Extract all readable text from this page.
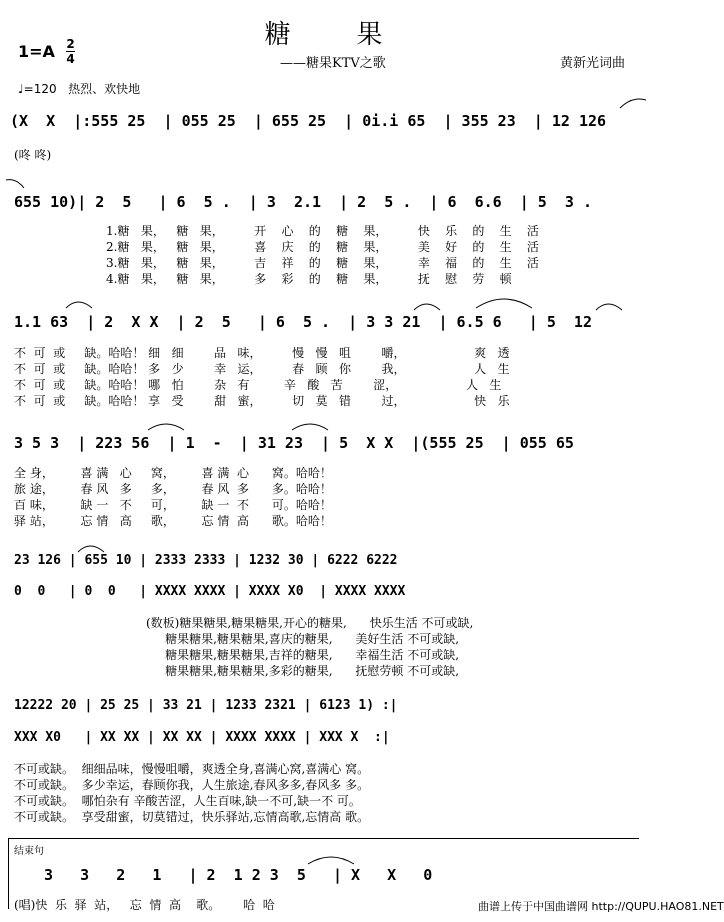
糖       果
1=A 2
4	——糖果KTV之歌	黄新光词曲
♩=120   热烈、欢快地
(X  X  |:555 25  | 055 25  | 655 25  | 0i.i 65  | 355 23  | 12 126
(咚 咚)
655 10)| 2  5   | 6  5 .  | 3  2.1  | 2  5 .  | 6  6.6  | 5  3 .
1.糖   果，   糖   果，        开    心    的    糖    果，        快    乐    的    生    活
2.糖   果，   糖   果，        喜    庆    的    糖    果，        美    好    的    生    活
3.糖   果，   糖   果，        吉    祥    的    糖    果，        幸    福    的    生    活
4.糖   果，   糖   果，        多    彩    的    糖    果，        抚    慰    劳    顿
1.1 63  | 2  X X  | 2  5   | 6  5 .  | 3 3 21  | 6.5 6   | 5  12
不  可  或     缺。哈哈！ 细   细        品   味，        慢   慢   咀        嚼，                  爽   透
不  可  或     缺。哈哈！ 多   少        幸   运，        春   顾   你        我，                  人   生
不  可  或     缺。哈哈！ 哪   怕        杂   有         辛   酸   苦        涩，                  人   生
不  可  或     缺。哈哈！ 享   受        甜   蜜，        切   莫   错        过，                  快   乐
3 5 3  | 223 56  | 1  -  | 31 23  | 5  X X  |(555 25  | 055 65
全 身，       喜 满   心     窝，       喜 满  心      窝。哈哈！
旅 途，       春 风   多     多，       春 风  多      多。哈哈！
百 味，       缺 一   不     可，       缺 一  不      可。哈哈！
驿 站，       忘 情   高     歌，       忘 情  高      歌。哈哈！
23 126 | 655 10 | 2333 2333 | 1232 30 | 6222 6222
0  0   | 0  0   | XXXX XXXX | XXXX X0  | XXXX XXXX
(数板)糖果糖果,糖果糖果,开心的糖果,      快乐生活 不可或缺,
糖果糖果,糖果糖果,喜庆的糖果,      美好生活 不可或缺,
糖果糖果,糖果糖果,吉祥的糖果,      幸福生活 不可或缺,
糖果糖果,糖果糖果,多彩的糖果,      抚慰劳顿 不可或缺,
12222 20 | 25 25 | 33 21 | 1233 2321 | 6123 1) :|
XXX X0   | XX XX | XX XX | XXXX XXXX | XXX X  :|
不可或缺。  细细品味，慢慢咀嚼，爽透全身,喜满心窝,喜满心 窝。
不可或缺。  多少幸运，春顾你我，人生旅途,春风多多,春风多 多。
不可或缺。  哪怕杂有 辛酸苦涩，人生百味,缺一不可,缺一不 可。
不可或缺。  享受甜蜜，切莫错过，快乐驿站,忘情高歌,忘情高 歌。
结束句
3   3   2   1   | 2  1 2 3  5   | X   X   0
(唱)快  乐  驿  站，   忘  情  高    歌。      哈  哈	曲谱上传于中国曲谱网 http://QUPU.HAO81.NET
